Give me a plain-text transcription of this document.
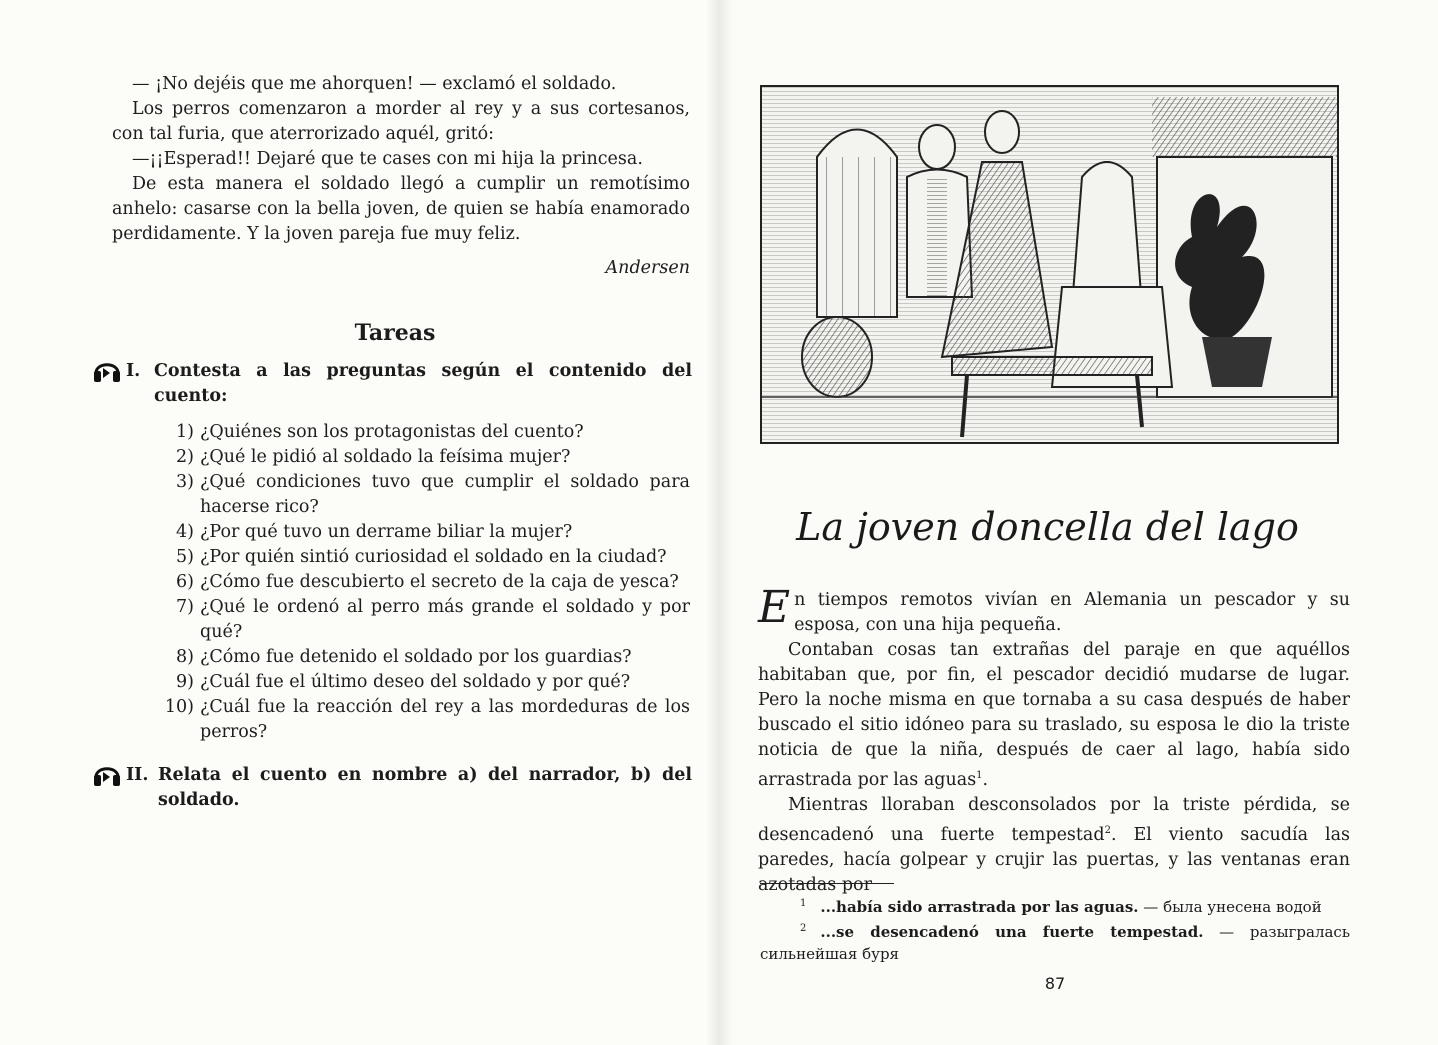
— ¡No dejéis que me ahorquen! — exclamó el soldado.

Los perros comenzaron a morder al rey y a sus cortesanos, con tal furia, que aterrorizado aquél, gritó:

—¡¡Esperad!! Dejaré que te cases con mi hija la princesa.

De esta manera el soldado llegó a cumplir un remotísimo anhelo: casarse con la bella joven, de quien se había enamorado perdidamente. Y la joven pareja fue muy feliz.

Andersen
Tareas
I. Contesta a las preguntas según el contenido del cuento:
1) ¿Quiénes son los protagonistas del cuento?
2) ¿Qué le pidió al soldado la feísima mujer?
3) ¿Qué condiciones tuvo que cumplir el soldado para hacerse rico?
4) ¿Por qué tuvo un derrame biliar la mujer?
5) ¿Por quién sintió curiosidad el soldado en la ciudad?
6) ¿Cómo fue descubierto el secreto de la caja de yesca?
7) ¿Qué le ordenó al perro más grande el soldado y por qué?
8) ¿Cómo fue detenido el soldado por los guardias?
9) ¿Cuál fue el último deseo del soldado y por qué?
10) ¿Cuál fue la reacción del rey a las mordeduras de los perros?
II. Relata el cuento en nombre a) del narrador, b) del soldado.
La joven doncella del lago

En tiempos remotos vivían en Alemania un pescador y su esposa, con una hija pequeña.

Contaban cosas tan extrañas del paraje en que aquéllos habitaban que, por fin, el pescador decidió mudarse de lugar. Pero la noche misma en que tornaba a su casa después de haber buscado el sitio idóneo para su traslado, su esposa le dio la triste noticia de que la niña, después de caer al lago, había sido arrastrada por las aguas$^1$.

Mientras lloraban desconsolados por la triste pérdida, se desencadenó una fuerte tempestad$^2$. El viento sacudía las paredes, hacía golpear y crujir las puertas, y las ventanas eran azotadas por

$^1$ ...había sido arrastrada por las aguas. — была унесена водой
$^2$ ...se desencadenó una fuerte tempestad. — разыгралась сильнейшая буря
87
